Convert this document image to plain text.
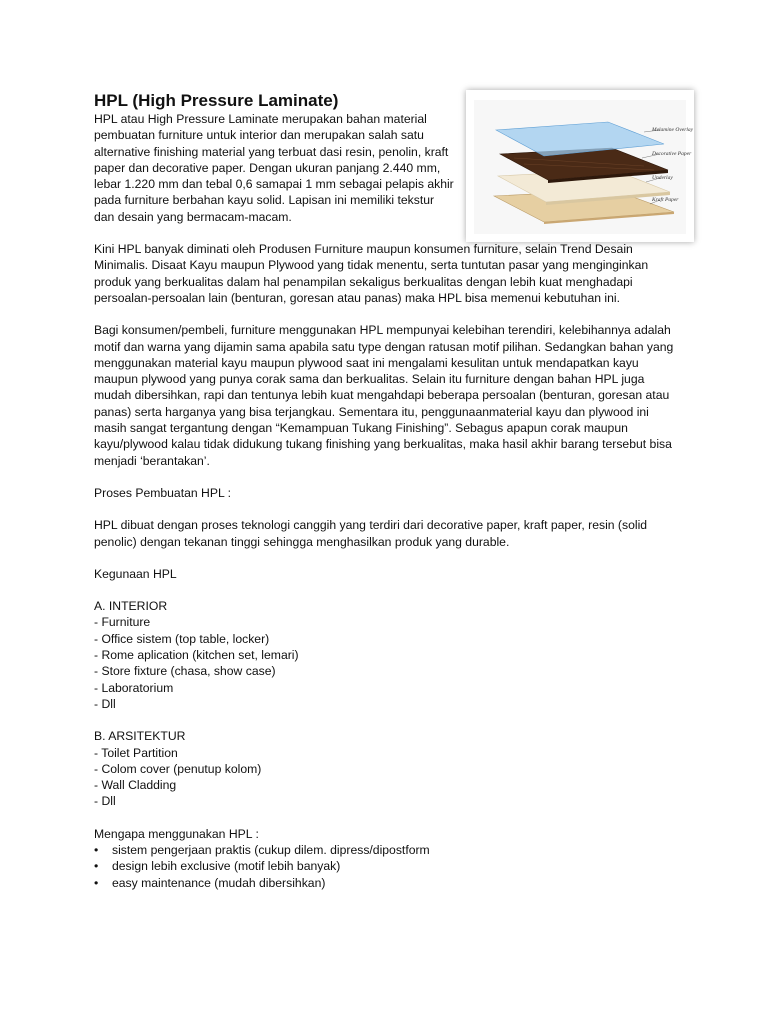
Melamine Overlay
Decorative Paper
Underlay
Kraft Paper
HPL (High Pressure Laminate)

HPL atau High Pressure Laminate merupakan bahan material pembuatan furniture untuk interior dan merupakan salah satu alternative finishing material yang terbuat dasi resin, penolin, kraft paper dan decorative paper. Dengan ukuran panjang 2.440 mm, lebar 1.220 mm dan tebal 0,6 samapai 1 mm sebagai pelapis akhir pada furniture berbahan kayu solid. Lapisan ini memiliki tekstur dan desain yang bermacam-macam.

Kini HPL banyak diminati oleh Produsen Furniture maupun konsumen furniture, selain Trend Desain Minimalis. Disaat Kayu maupun Plywood yang tidak menentu, serta tuntutan pasar yang menginginkan produk yang berkualitas dalam hal penampilan sekaligus berkualitas dengan lebih kuat menghadapi persoalan-persoalan lain (benturan, goresan atau panas) maka HPL bisa memenui kebutuhan ini.

Bagi konsumen/pembeli, furniture menggunakan HPL mempunyai kelebihan terendiri, kelebihannya adalah motif dan warna yang dijamin sama apabila satu type dengan ratusan motif pilihan. Sedangkan bahan yang menggunakan material kayu maupun plywood saat ini mengalami kesulitan untuk mendapatkan kayu maupun plywood yang punya corak sama dan berkualitas. Selain itu furniture dengan bahan HPL juga mudah dibersihkan, rapi dan tentunya lebih kuat mengahdapi beberapa persoalan (benturan, goresan atau panas) serta harganya yang bisa terjangkau. Sementara itu, penggunaanmaterial kayu dan plywood ini masih sangat tergantung dengan “Kemampuan Tukang Finishing”. Sebagus apapun corak maupun kayu/plywood kalau tidak didukung tukang finishing yang berkualitas, maka hasil akhir barang tersebut bisa menjadi ‘berantakan’.

Proses Pembuatan HPL :

HPL dibuat dengan proses teknologi canggih yang terdiri dari decorative paper, kraft paper, resin (solid penolic) dengan tekanan tinggi sehingga menghasilkan produk yang durable.

Kegunaan HPL

A. INTERIOR

- Furniture
- Office sistem (top table, locker)
- Rome aplication (kitchen set, lemari)
- Store fixture (chasa, show case)
- Laboratorium
- Dll

B. ARSITEKTUR

- Toilet Partition
- Colom cover (penutup kolom)
- Wall Cladding
- Dll

Mengapa menggunakan HPL :

• sistem pengerjaan praktis (cukup dilem. dipress/dipostform
• design lebih exclusive (motif lebih banyak)
• easy maintenance (mudah dibersihkan)
